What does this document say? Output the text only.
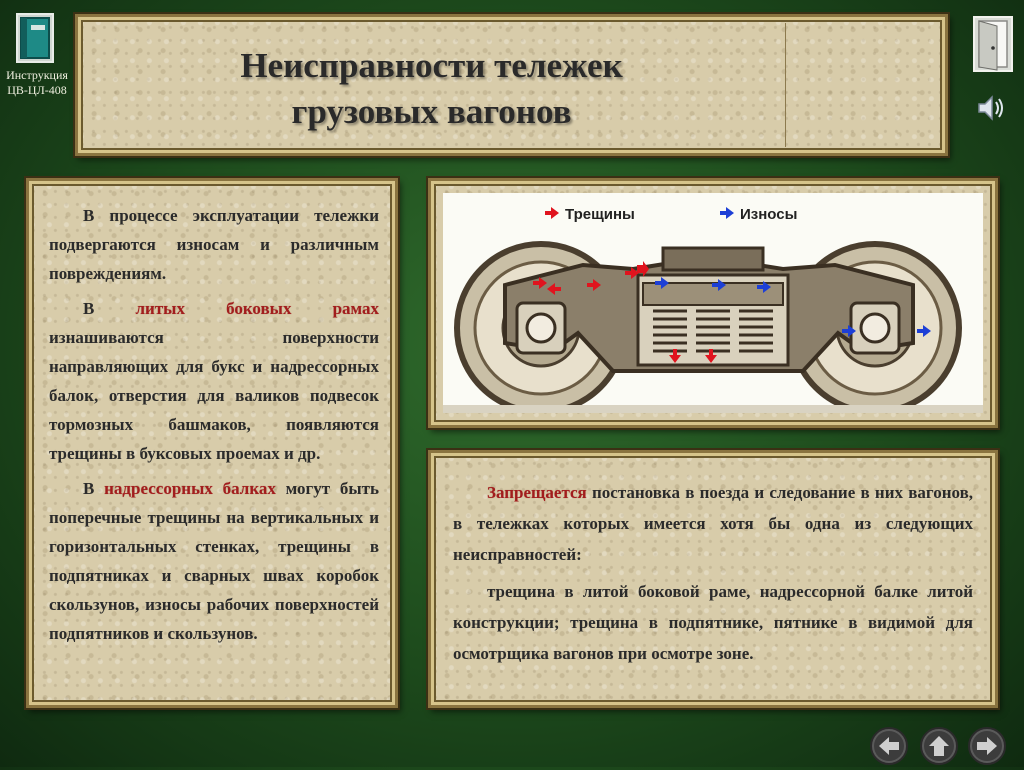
Инструкция
ЦВ-ЦЛ-408
Неисправности тележек
грузовых вагонов

В процессе эксплуатации тележки подвергаются износам и различным повреждениям.

В литых боковых рамах изнашиваются поверхности направляющих для букс и надрессорных балок, отверстия для валиков подвесок тормозных башмаков, появляются трещины в буксовых проемах и др.

В надрессорных балках могут быть поперечные трещины на вертикальных и горизонтальных стенках, трещины в подпятниках и сварных швах коробок скользунов, износы рабочих поверхностей подпятников и скользунов.

Трещины	Износы

Запрещается постановка в поезда и следование в них вагонов, в тележках которых имеется хотя бы одна из следующих неисправностей:

трещина в литой боковой раме, надрессорной балке литой конструкции; трещина в подпятнике, пятнике в видимой для осмотрщика вагонов при осмотре зоне.
